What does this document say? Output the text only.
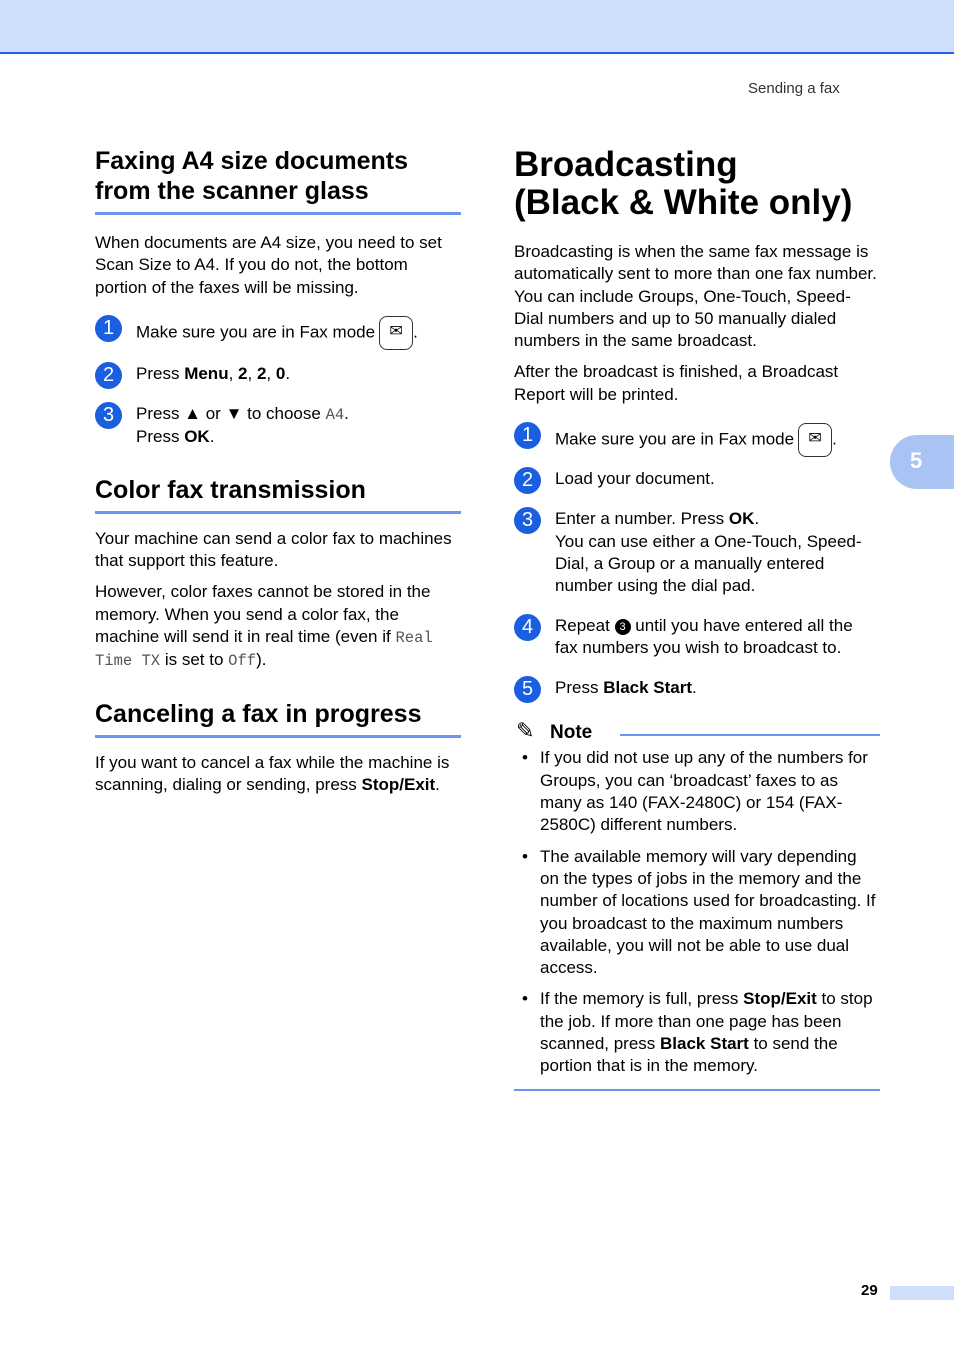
Sending a fax
Faxing A4 size documents
from the scanner glass

When documents are A4 size, you need to set Scan Size to A4. If you do not, the bottom portion of the faxes will be missing.

1	Make sure you are in Fax mode ✉ .
2	Press Menu, 2, 2, 0.
3	Press ▲ or ▼ to choose A4.
Press OK.
Color fax transmission

Your machine can send a color fax to machines that support this feature.

However, color faxes cannot be stored in the memory. When you send a color fax, the machine will send it in real time (even if Real Time TX is set to Off).

Canceling a fax in progress

If you want to cancel a fax while the machine is scanning, dialing or sending, press Stop/Exit.

Broadcasting
(Black & White only)

Broadcasting is when the same fax message is automatically sent to more than one fax number. You can include Groups, One-Touch, Speed-Dial numbers and up to 50 manually dialed numbers in the same broadcast.

After the broadcast is finished, a Broadcast Report will be printed.

1	Make sure you are in Fax mode ✉ .
2	Load your document.
3	Enter a number. Press OK.
You can use either a One-Touch, Speed-Dial, a Group or a manually entered number using the dial pad.
4	Repeat 3 until you have entered all the fax numbers you wish to broadcast to.
5	Press Black Start.
✎ Note
• If you did not use up any of the numbers for Groups, you can ‘broadcast’ faxes to as many as 140 (FAX-2480C) or 154 (FAX-2580C) different numbers.
• The available memory will vary depending on the types of jobs in the memory and the number of locations used for broadcasting. If you broadcast to the maximum numbers available, you will not be able to use dual access.
• If the memory is full, press Stop/Exit to stop the job. If more than one page has been scanned, press Black Start to send the portion that is in the memory.
5
29
